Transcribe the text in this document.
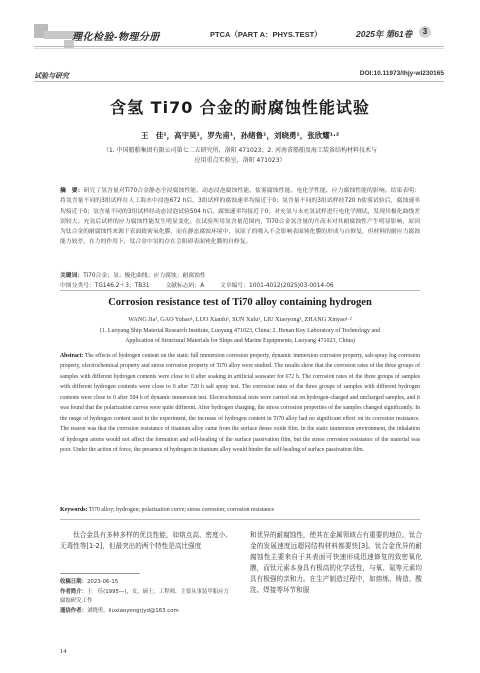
理化检验-物理分册	PTCA（PART A：PHYS.TEST）	2025年 第61卷	3
试验与研究	DOI:10.11973/lhjy-wl230165
含氢 Ti70 合金的耐腐蚀性能试验
王　佳¹，高宇昊¹，罗先甫¹，孙绪鲁¹，刘晓勇¹，张欣耀¹·²
（1. 中国船舶集团有限公司第七二五研究所，洛阳 471023；2. 河南省船舶及海工装备结构材料技术与
应用重点实验室，洛阳 471023）
摘　要：研究了氢含量对Ti70合金静态全浸腐蚀性能、动态浸泡腐蚀性能、盐雾腐蚀性能、电化学性能、应力腐蚀性能的影响。结果表明：将氢含量不同的3组试样在人工海水中浸泡672 h后，3组试样的腐蚀速率均接近于0；氢含量不同的3组试样经720 h盐雾试验后，腐蚀速率均接近于0；氢含量不同的3组试样经动态浸泡试验504 h后，腐蚀速率均接近于0；对充氢与未充氢试样进行电化学测试，发现其极化曲线差别较大；充氢后试样的应力腐蚀性能发生明显变化。在试验所用氢含量范围内，Ti70合金氢含量的升高未对其耐腐蚀性产生明显影响，原因为钛合金的耐腐蚀性来源于表面致密氧化膜，而在静态腐蚀环境中，氢原子的吸入不会影响表面钝化膜的形成与自修复，但材料的耐应力腐蚀能力较差，在力的作用下，钛合金中氢的存在会阻碍表面钝化膜的自修复。
关键词：Ti70合金；氢；极化曲线；应力腐蚀；耐腐蚀性
中图分类号：TG146.2＋3；TB31	文献标志码：A	文章编号：1001-4012(2025)03-0014-06
Corrosion resistance test of Ti70 alloy containing hydrogen
WANG Jia¹, GAO Yuhao¹, LUO Xianfu¹, SUN Xulu¹, LIU Xiaoyong¹, ZHANG Xinyao¹·²
(1. Luoyang Ship Material Research Institute, Luoyang 471023, China; 2. Henan Key Laboratory of Technology and
Application of Structural Materials for Ships and Marine Equipments, Luoyang 471023, China)
Abstract: The effects of hydrogen content on the static full immersion corrosion property, dynamic immersion corrosion property, salt-spray fog corrosion property, electrochemical property and stress corrosion property of Ti70 alloy were studied. The results show that the corrosion rates of the three groups of samples with different hydrogen contents were close to 0 after soaking in artificial seawater for 672 h. The corrosion rates of the three groups of samples with different hydrogen contents were close to 0 after 720 h salt spray test. The corrosion rates of the three groups of samples with different hydrogen contents were close to 0 after 504 h of dynamic immersion test. Electrochemical tests were carried out on hydrogen-charged and uncharged samples, and it was found that the polarization curves were quite different. After hydrogen charging, the stress corrosion properties of the samples changed significantly. In the range of hydrogen content used in the experiment, the increase of hydrogen content in Ti70 alloy had no significant effect on its corrosion resistance. The reason was that the corrosion resistance of titanium alloy came from the surface dense oxide film. In the static immersion environment, the inhalation of hydrogen atoms would not affect the formation and self-healing of the surface passivation film, but the stress corrosion resistance of the material was poor. Under the action of force, the presence of hydrogen in titanium alloy would hinder the self-healing of surface passivation film.
Keywords: Ti70 alloy; hydrogen; polarization curve; stress corrosion; corrosion resistance
钛合金具有多种多样的优良性能，如熔点高、密度小、无毒性等[1-2]，但最突出的两个特性是高比强度
和优异的耐腐蚀性，使其在金属领域占有重要的地位。钛合金的发展速度远超同结构材料都要快[3]。钛合金优异的耐腐蚀性主要来自于其表面可快速形成迅速修复的致密氧化膜，而钛元素本身具有极高的化学活性，与氧、氮等元素均具有极强的亲和力。在生产制造过程中，如熔炼、铸造、酸洗、焊接等环节和服
收稿日期：2023-06-15
作者简介：王　佳(1995—)，女，硕士，工程师，主要从事装甲船应力腐蚀研究工作
通信作者：刘晓勇，liuxiaoyongrjyd@163.com
14
